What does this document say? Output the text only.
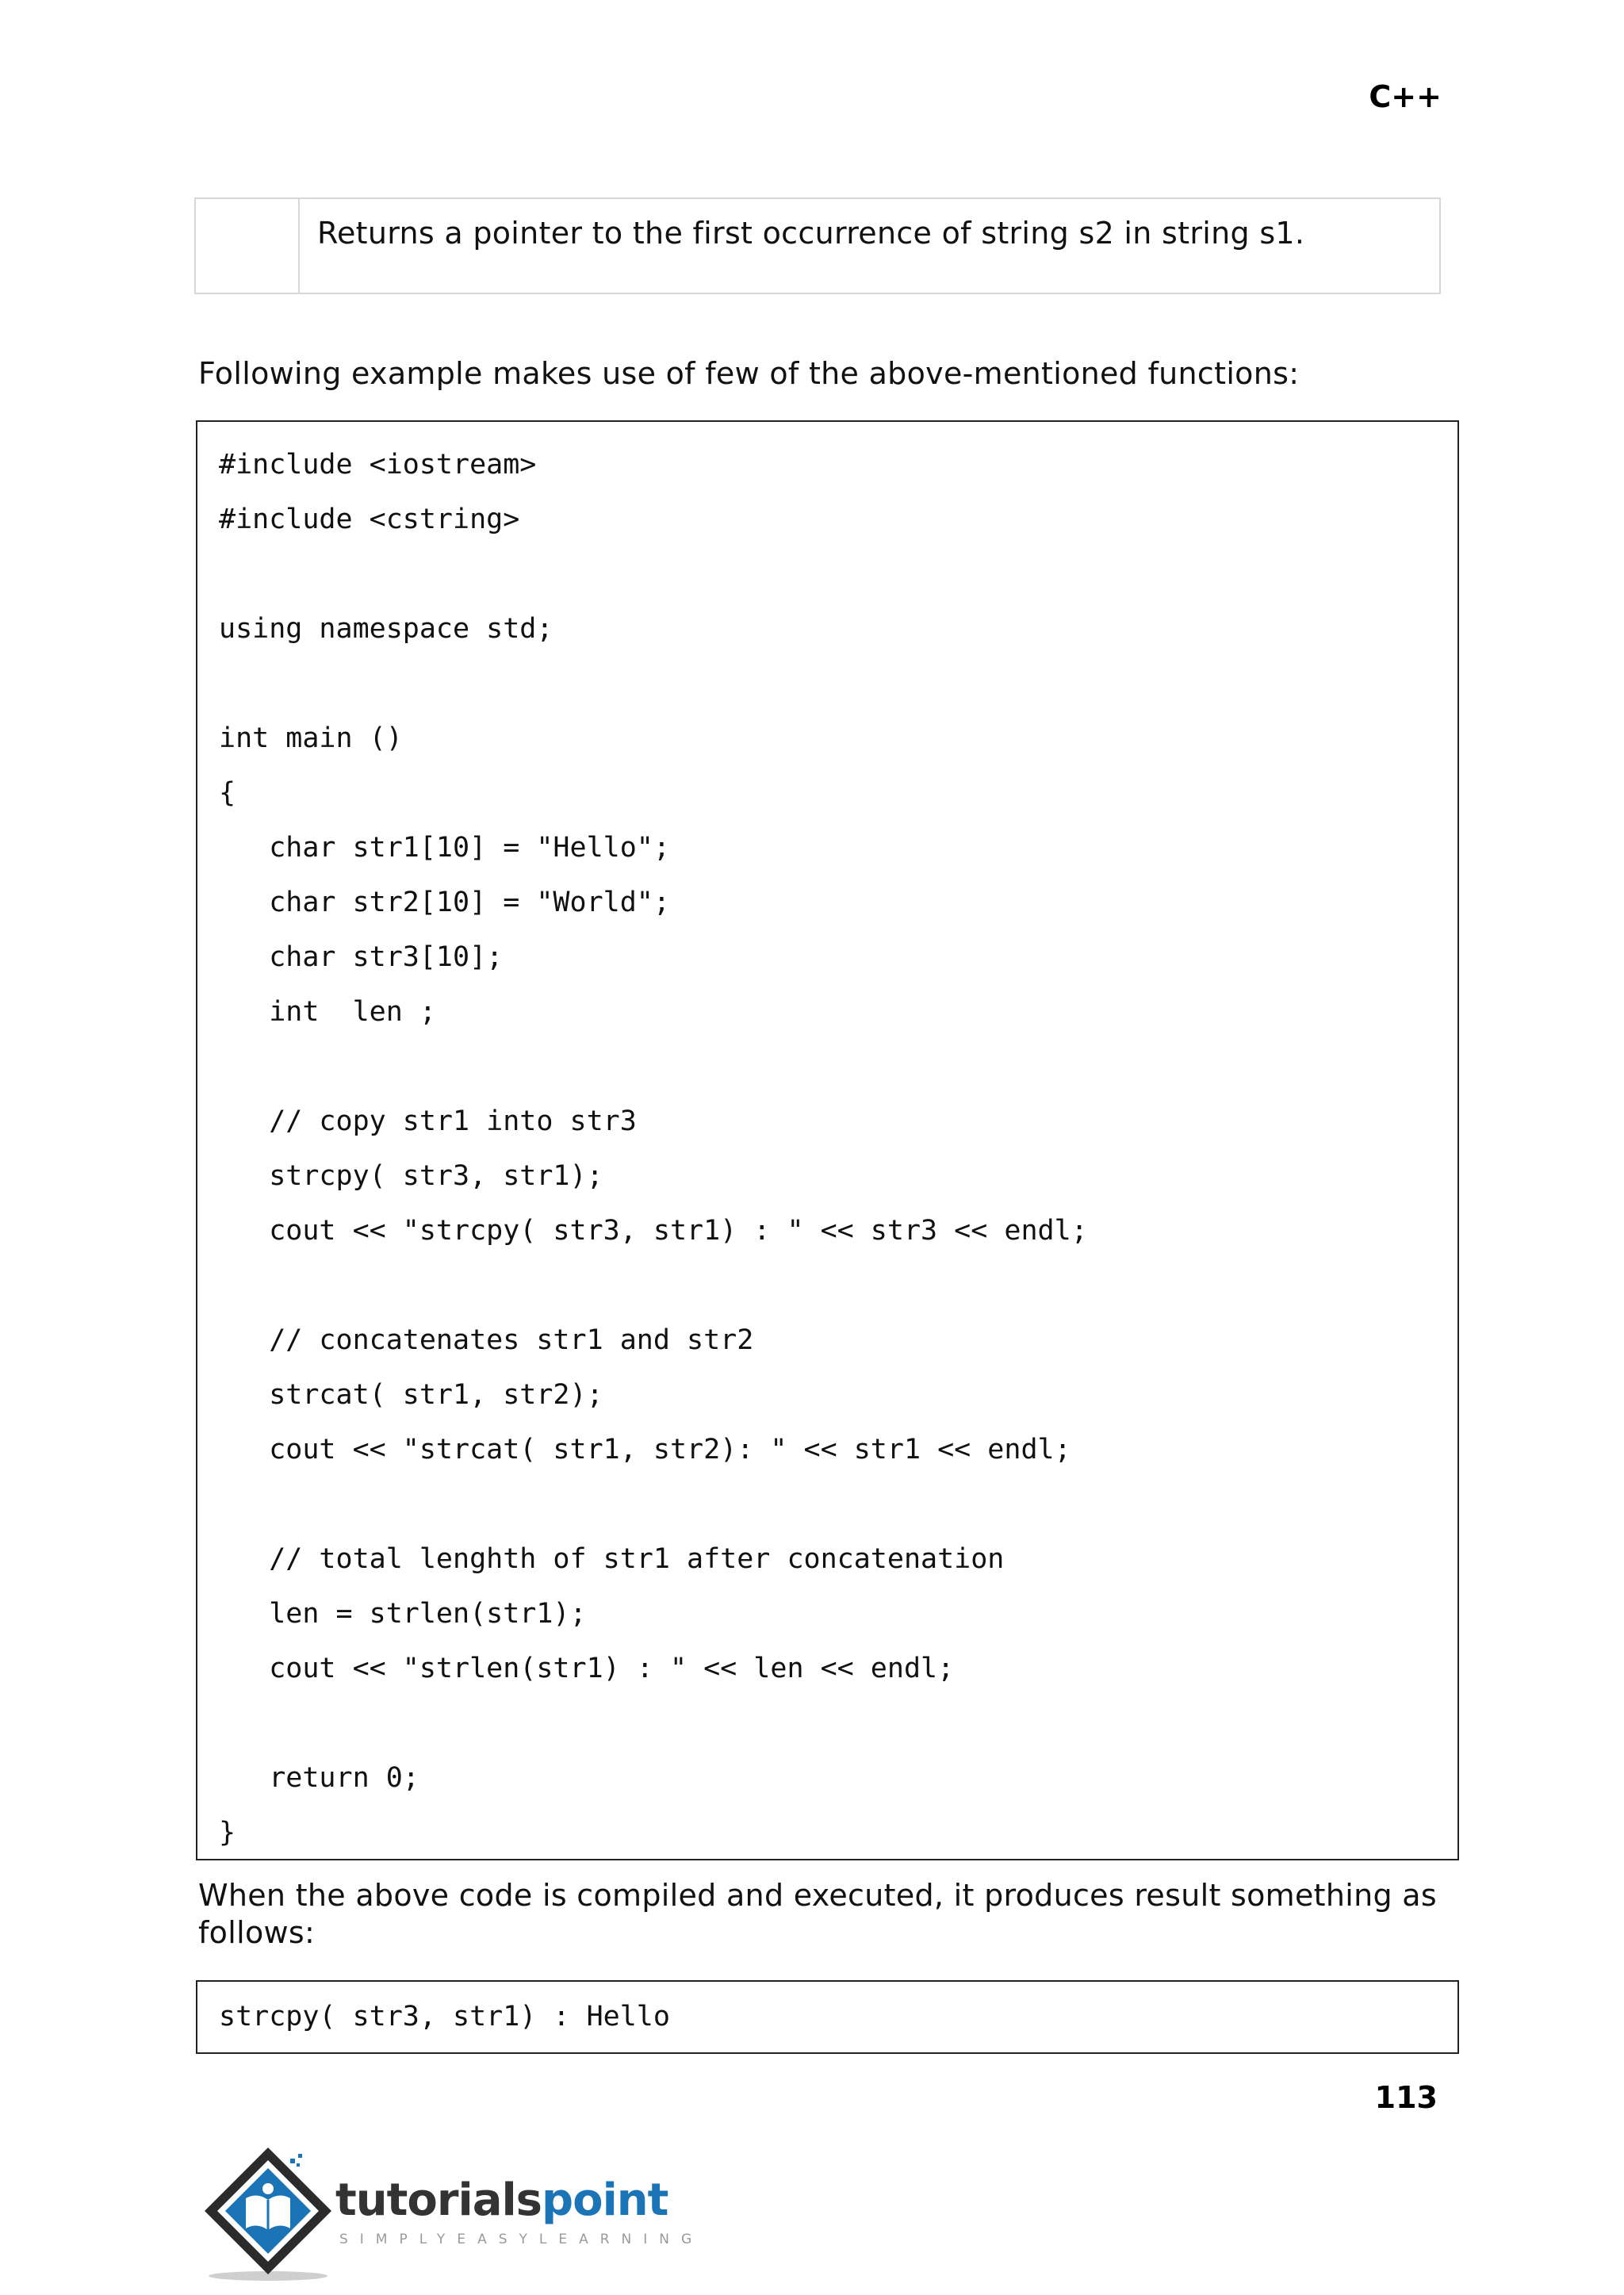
C++
Returns a pointer to the first occurrence of string s2 in string s1.
Following example makes use of few of the above-mentioned functions:
#include <iostream>
#include <cstring>
using namespace std;
int main ()
{
char str1[10] = "Hello";
char str2[10] = "World";
char str3[10];
int  len ;
// copy str1 into str3
strcpy( str3, str1);
cout << "strcpy( str3, str1) : " << str3 << endl;
// concatenates str1 and str2
strcat( str1, str2);
cout << "strcat( str1, str2): " << str1 << endl;
// total lenghth of str1 after concatenation
len = strlen(str1);
cout << "strlen(str1) : " << len << endl;
return 0;
}
When the above code is compiled and executed, it produces result something as follows:
strcpy( str3, str1) : Hello
113
tutorialspoint
SIMPLYEASYLEARNING
